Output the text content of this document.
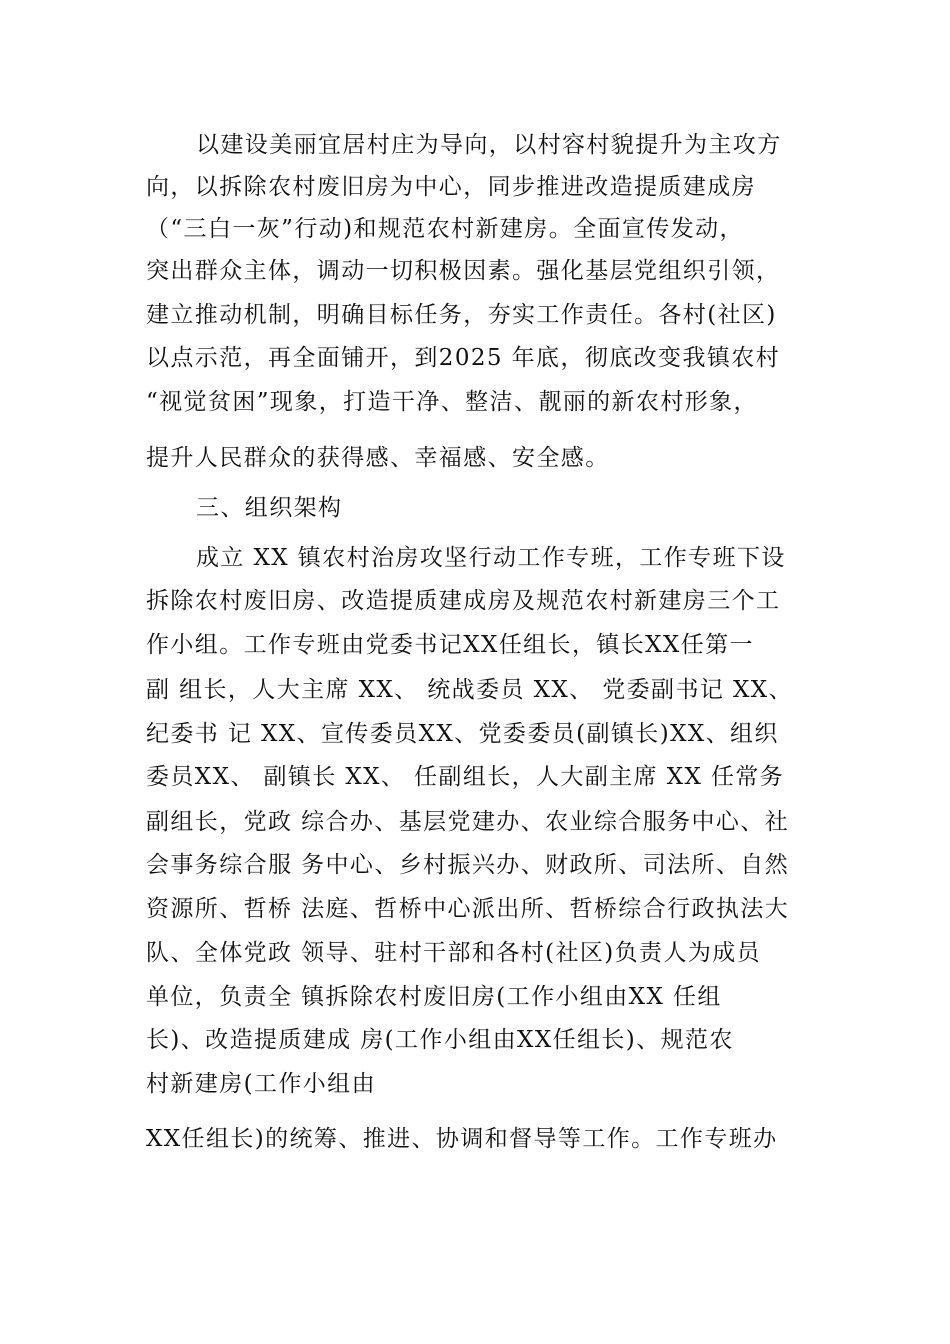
以建设美丽宜居村庄为导向，以村容村貌提升为主攻方
向，以拆除农村废旧房为中心，同步推进改造提质建成房
（“三白一灰”行动)和规范农村新建房。全面宣传发动，
突出群众主体，调动一切积极因素。强化基层党组织引领，
建立推动机制，明确目标任务，夯实工作责任。各村(社区)
以点示范，再全面铺开，到2025 年底，彻底改变我镇农村
“视觉贫困”现象，打造干净、整洁、靓丽的新农村形象，
提升人民群众的获得感、幸福感、安全感。
三、组织架构
成立 XX 镇农村治房攻坚行动工作专班，工作专班下设
拆除农村废旧房、改造提质建成房及规范农村新建房三个工
作小组。工作专班由党委书记XX任组长，镇长XX任第一
副 组长，人大主席 XX、 统战委员 XX、 党委副书记 XX、
纪委书 记 XX、宣传委员XX、党委委员(副镇长)XX、组织
委员XX、 副镇长 XX、 任副组长，人大副主席 XX 任常务
副组长，党政 综合办、基层党建办、农业综合服务中心、社
会事务综合服 务中心、乡村振兴办、财政所、司法所、自然
资源所、哲桥 法庭、哲桥中心派出所、哲桥综合行政执法大
队、全体党政 领导、驻村干部和各村(社区)负责人为成员
单位，负责全 镇拆除农村废旧房(工作小组由XX 任组
长)、改造提质建成 房(工作小组由XX任组长)、规范农
村新建房(工作小组由
XX任组长)的统筹、推进、协调和督导等工作。工作专班办
